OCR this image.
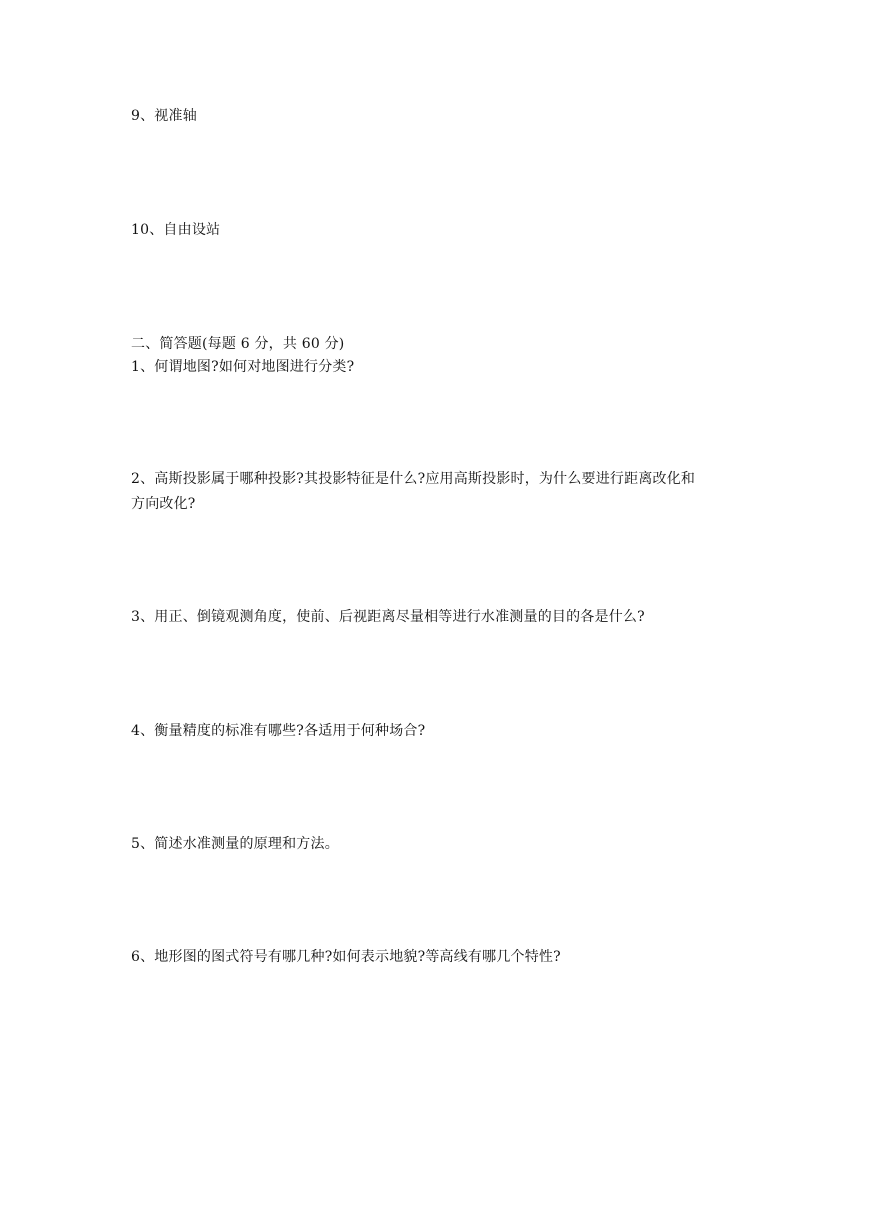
9、视准轴
10、自由设站
二、简答题(每题 6 分，共 60 分)
1、何谓地图?如何对地图进行分类?
2、高斯投影属于哪种投影?其投影特征是什么?应用高斯投影时，为什么要进行距离改化和
方向改化?
3、用正、倒镜观测角度，使前、后视距离尽量相等进行水准测量的目的各是什么?
4、衡量精度的标准有哪些?各适用于何种场合?
5、简述水准测量的原理和方法。
6、地形图的图式符号有哪几种?如何表示地貌?等高线有哪几个特性?
